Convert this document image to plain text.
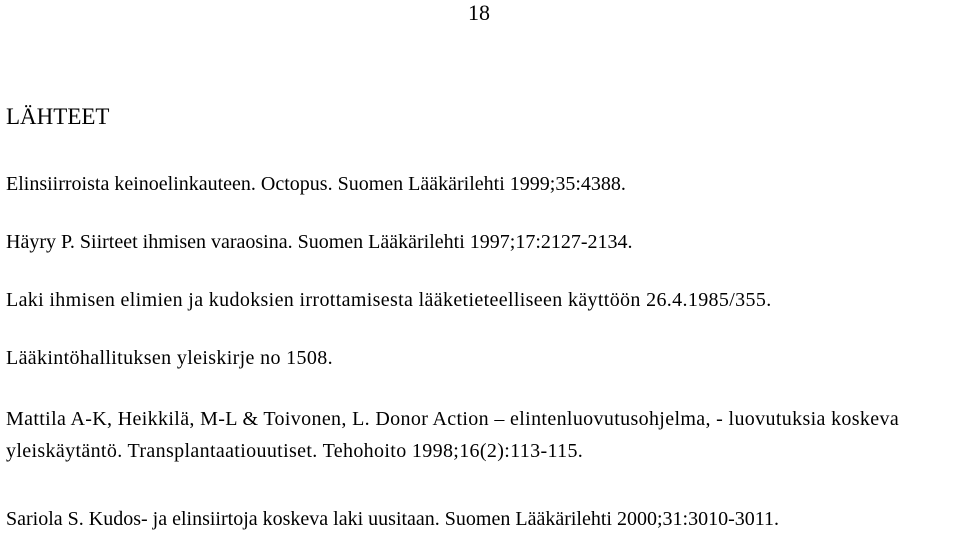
18
LÄHTEET

Elinsiirroista keinoelinkauteen. Octopus. Suomen Lääkärilehti 1999;35:4388.

Häyry P. Siirteet ihmisen varaosina. Suomen Lääkärilehti 1997;17:2127-2134.

Laki ihmisen elimien ja kudoksien irrottamisesta lääketieteelliseen käyttöön 26.4.1985/355.

Lääkintöhallituksen yleiskirje no 1508.

Mattila A-K, Heikkilä, M-L & Toivonen, L. Donor Action – elintenluovutusohjelma, - luovutuksia koskeva yleiskäytäntö. Transplantaatiouutiset. Tehohoito 1998;16(2):113-115.

Sariola S. Kudos- ja elinsiirtoja koskeva laki uusitaan. Suomen Lääkärilehti 2000;31:3010-3011.
